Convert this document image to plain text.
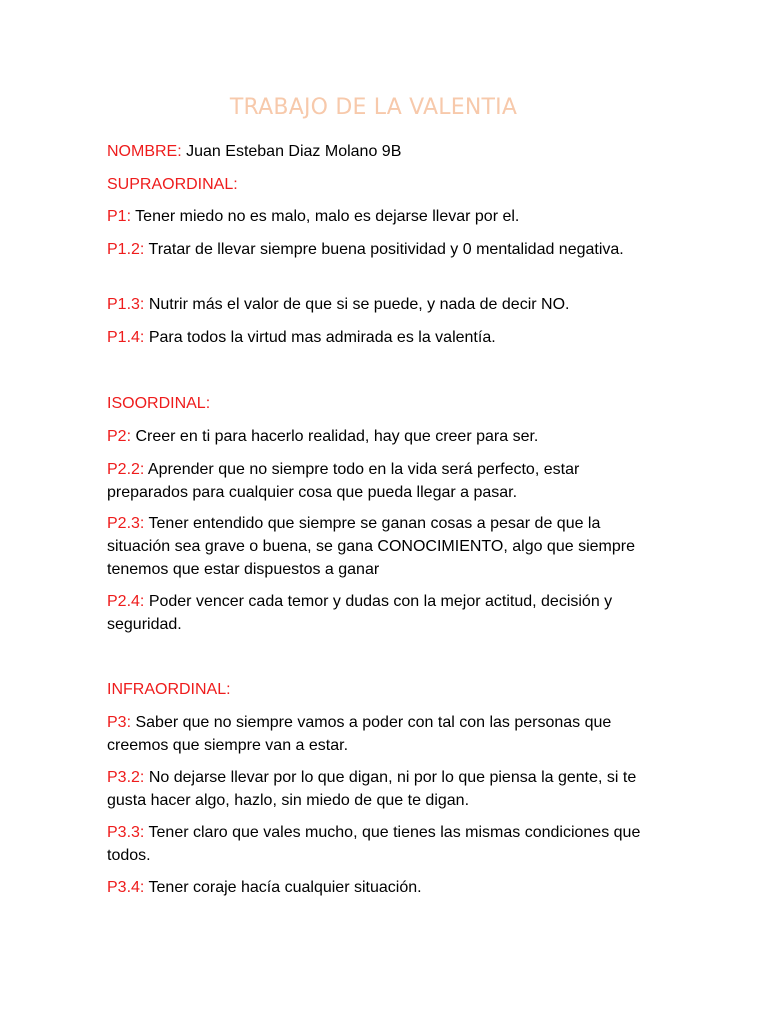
TRABAJO DE LA VALENTIA

NOMBRE: Juan Esteban Diaz Molano 9B

SUPRAORDINAL:

P1: Tener miedo no es malo, malo es dejarse llevar por el.

P1.2: Tratar de llevar siempre buena positividad y 0 mentalidad negativa.

P1.3: Nutrir más el valor de que si se puede, y nada de decir NO.

P1.4: Para todos la virtud mas admirada es la valentía.

ISOORDINAL:

P2: Creer en ti para hacerlo realidad, hay que creer para ser.

P2.2: Aprender que no siempre todo en la vida será perfecto, estar preparados para cualquier cosa que pueda llegar a pasar.

P2.3: Tener entendido que siempre se ganan cosas a pesar de que la situación sea grave o buena, se gana CONOCIMIENTO, algo que siempre tenemos que estar dispuestos a ganar

P2.4: Poder vencer cada temor y dudas con la mejor actitud, decisión y seguridad.

INFRAORDINAL:

P3: Saber que no siempre vamos a poder con tal con las personas que creemos que siempre van a estar.

P3.2: No dejarse llevar por lo que digan, ni por lo que piensa la gente, si te gusta hacer algo, hazlo, sin miedo de que te digan.

P3.3: Tener claro que vales mucho, que tienes las mismas condiciones que todos.

P3.4: Tener coraje hacía cualquier situación.
